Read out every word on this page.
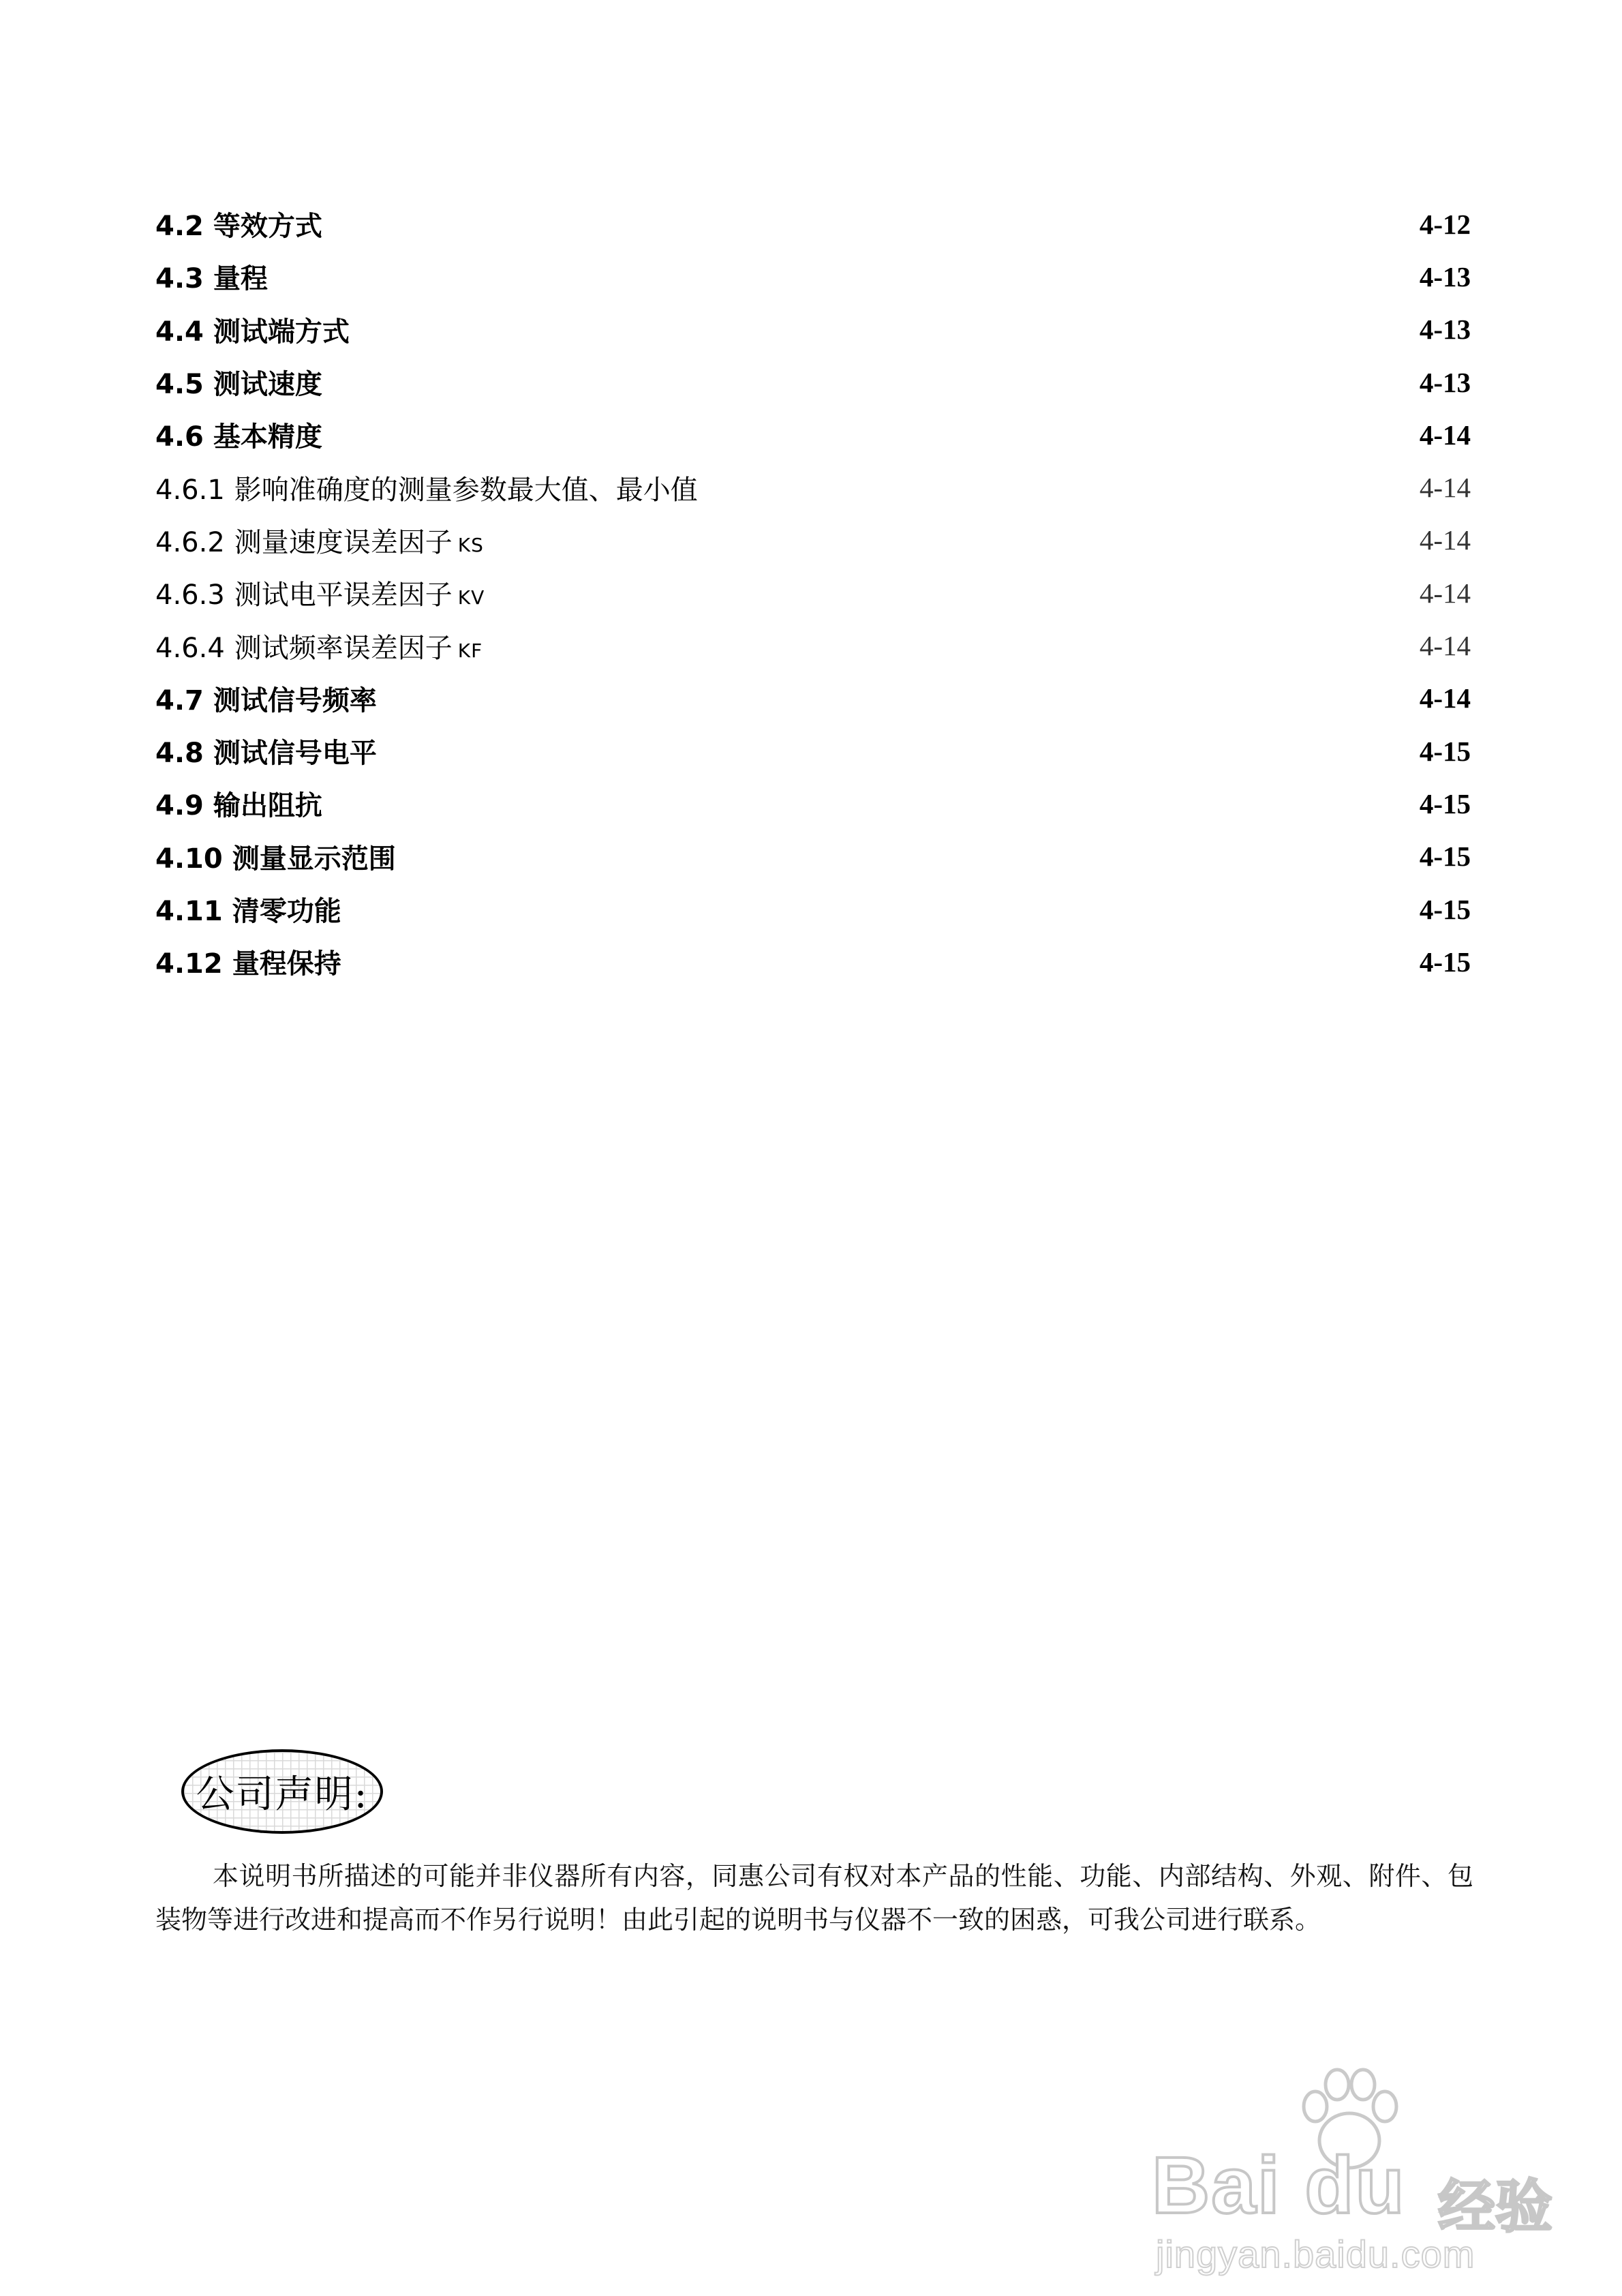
4.2 等效方式	4-12
4.3 量程	4-13
4.4 测试端方式	4-13
4.5 测试速度	4-13
4.6 基本精度	4-14
4.6.1 影响准确度的测量参数最大值、最小值	4-14
4.6.2 测量速度误差因子 KS	4-14
4.6.3 测试电平误差因子 KV	4-14
4.6.4 测试频率误差因子 KF	4-14
4.7 测试信号频率	4-14
4.8 测试信号电平	4-15
4.9 输出阻抗	4-15
4.10 测量显示范围	4-15
4.11 清零功能	4-15
4.12 量程保持	4-15
公司声明:
本说明书所描述的可能并非仪器所有内容，同惠公司有权对本产品的性能、功能、内部结构、外观、附件、包装物等进行改进和提高而不作另行说明！由此引起的说明书与仪器不一致的困惑，可我公司进行联系。
Bai du 经验
jingyan.baidu.com
